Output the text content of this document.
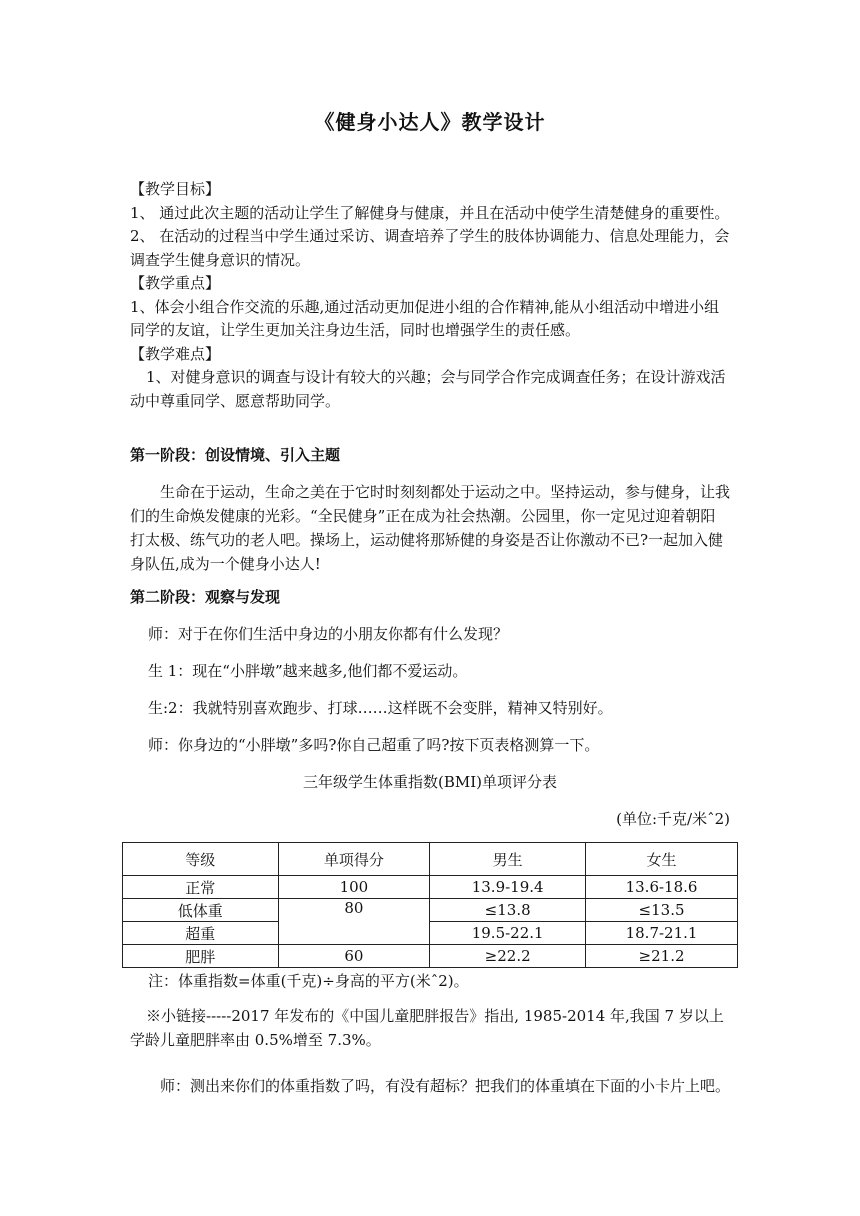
《健身小达人》教学设计

【教学目标】

1、 通过此次主题的活动让学生了解健身与健康，并且在活动中使学生清楚健身的重要性。

2、 在活动的过程当中学生通过采访、调查培养了学生的肢体协调能力、信息处理能力，会调查学生健身意识的情况。

【教学重点】

1、体会小组合作交流的乐趣,通过活动更加促进小组的合作精神,能从小组活动中增进小组同学的友谊，让学生更加关注身边生活，同时也增强学生的责任感。

【教学难点】

1、对健身意识的调查与设计有较大的兴趣；会与同学合作完成调查任务；在设计游戏活动中尊重同学、愿意帮助同学。

第一阶段：创设情境、引入主题

生命在于运动，生命之美在于它时时刻刻都处于运动之中。坚持运动，参与健身，让我们的生命焕发健康的光彩。“全民健身”正在成为社会热潮。公园里，你一定见过迎着朝阳打太极、练气功的老人吧。操场上，运动健将那矫健的身姿是否让你激动不已?一起加入健身队伍,成为一个健身小达人!

第二阶段：观察与发现
师：对于在你们生活中身边的小朋友你都有什么发现？
生 1：现在“小胖墩”越来越多,他们都不爱运动。
生:2：我就特别喜欢跑步、打球……这样既不会变胖，精神又特别好。
师：你身边的“小胖墩”多吗?你自己超重了吗?按下页表格测算一下。
三年级学生体重指数(BMI)单项评分表
(单位:千克/米ˆ2)
等级	单项得分	男生	女生
正常	100	13.9-19.4	13.6-18.6
低体重	80	≤13.8	≤13.5
超重		19.5-22.1	18.7-21.1
肥胖	60	≥22.2	≥21.2
注：体重指数=体重(千克)÷身高的平方(米ˆ2)。

※小链接-----2017 年发布的《中国儿童肥胖报告》指出, 1985-2014 年,我国 7 岁以上学龄儿童肥胖率由 0.5%增至 7.3%。

师：测出来你们的体重指数了吗，有没有超标？把我们的体重填在下面的小卡片上吧。
